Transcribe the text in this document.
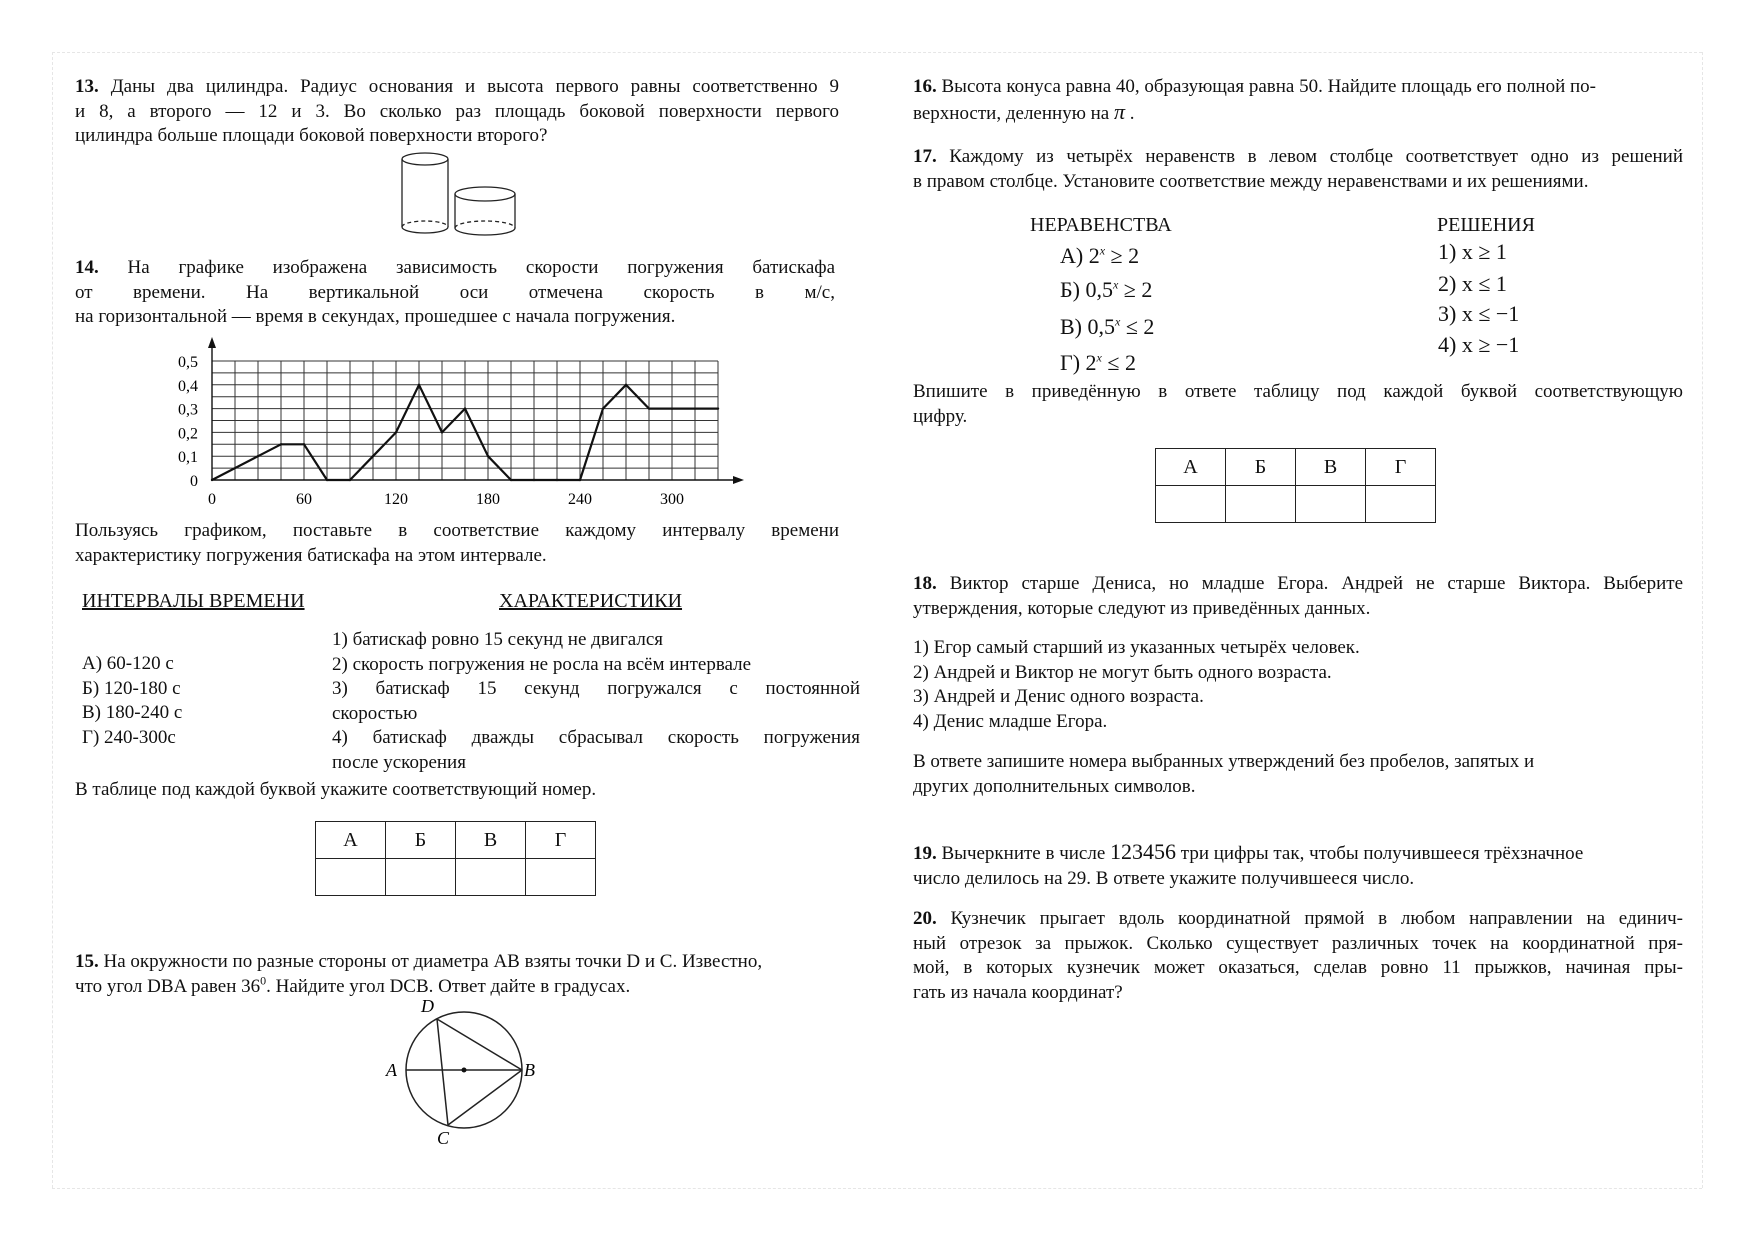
13. Даны два цилиндра. Радиус основания и высота первого равны соответственно 9
и 8, а второго — 12 и 3. Во сколько раз площадь боковой поверхности первого
цилиндра больше площади боковой поверхности второго?
14. На графике изображена зависимость скорости погружения батискафа
от времени. На вертикальной оси отмечена скорость в м/с,
на горизонтальной — время в секундах, прошедшее с начала погружения.
0
0,1
0,2
0,3
0,4
0,5
0	60	120	180	240	300
Пользуясь графиком, поставьте в соответствие каждому интервалу времени
характеристику погружения батискафа на этом интервале.
ИНТЕРВАЛЫ ВРЕМЕНИ	ХАРАКТЕРИСТИКИ
А) 60-120 с
Б) 120-180 с
В) 180-240 с
Г) 240-300с
1) батискаф ровно 15 секунд не двигался
2) скорость погружения не росла на всём интервале
3) батискаф 15 секунд погружался с постоянной
скоростью
4) батискаф дважды сбрасывал скорость погружения
после ускорения
В таблице под каждой буквой укажите соответствующий номер.
А	Б	В	Г

15. На окружности по разные стороны от диаметра AB взяты точки D и C. Известно,
что угол DBA равен $36^0$. Найдите угол DCB. Ответ дайте в градусах.
D
A	B
C
16. Высота конуса равна 40, образующая равна 50. Найдите площадь его полной по-
верхности, деленную на π .
17. Каждому из четырёх неравенств в левом столбце соответствует одно из решений
в правом столбце. Установите соответствие между неравенствами и их решениями.
НЕРАВЕНСТВА	РЕШЕНИЯ
А) $2^x \ge 2$
Б) $0,5^x \ge 2$
В) $0,5^x \le 2$
Г) $2^x \le 2$
1) x ≥ 1
2) x ≤ 1
3) x ≤ −1
4) x ≥ −1
Впишите в приведённую в ответе таблицу под каждой буквой соответствующую
цифру.
А	Б	В	Г

18. Виктор старше Дениса, но младше Егора. Андрей не старше Виктора. Выберите
утверждения, которые следуют из приведённых данных.
1) Егор самый старший из указанных четырёх человек.
2) Андрей и Виктор не могут быть одного возраста.
3) Андрей и Денис одного возраста.
4) Денис младше Егора.
В ответе запишите номера выбранных утверждений без пробелов, запятых и
других дополнительных символов.
19. Вычеркните в числе 123456 три цифры так, чтобы получившееся трёхзначное
число делилось на 29. В ответе укажите получившееся число.
20. Кузнечик прыгает вдоль координатной прямой в любом направлении на единич-
ный отрезок за прыжок. Сколько существует различных точек на координатной пря-
мой, в которых кузнечик может оказаться, сделав ровно 11 прыжков, начиная пры-
гать из начала координат?
